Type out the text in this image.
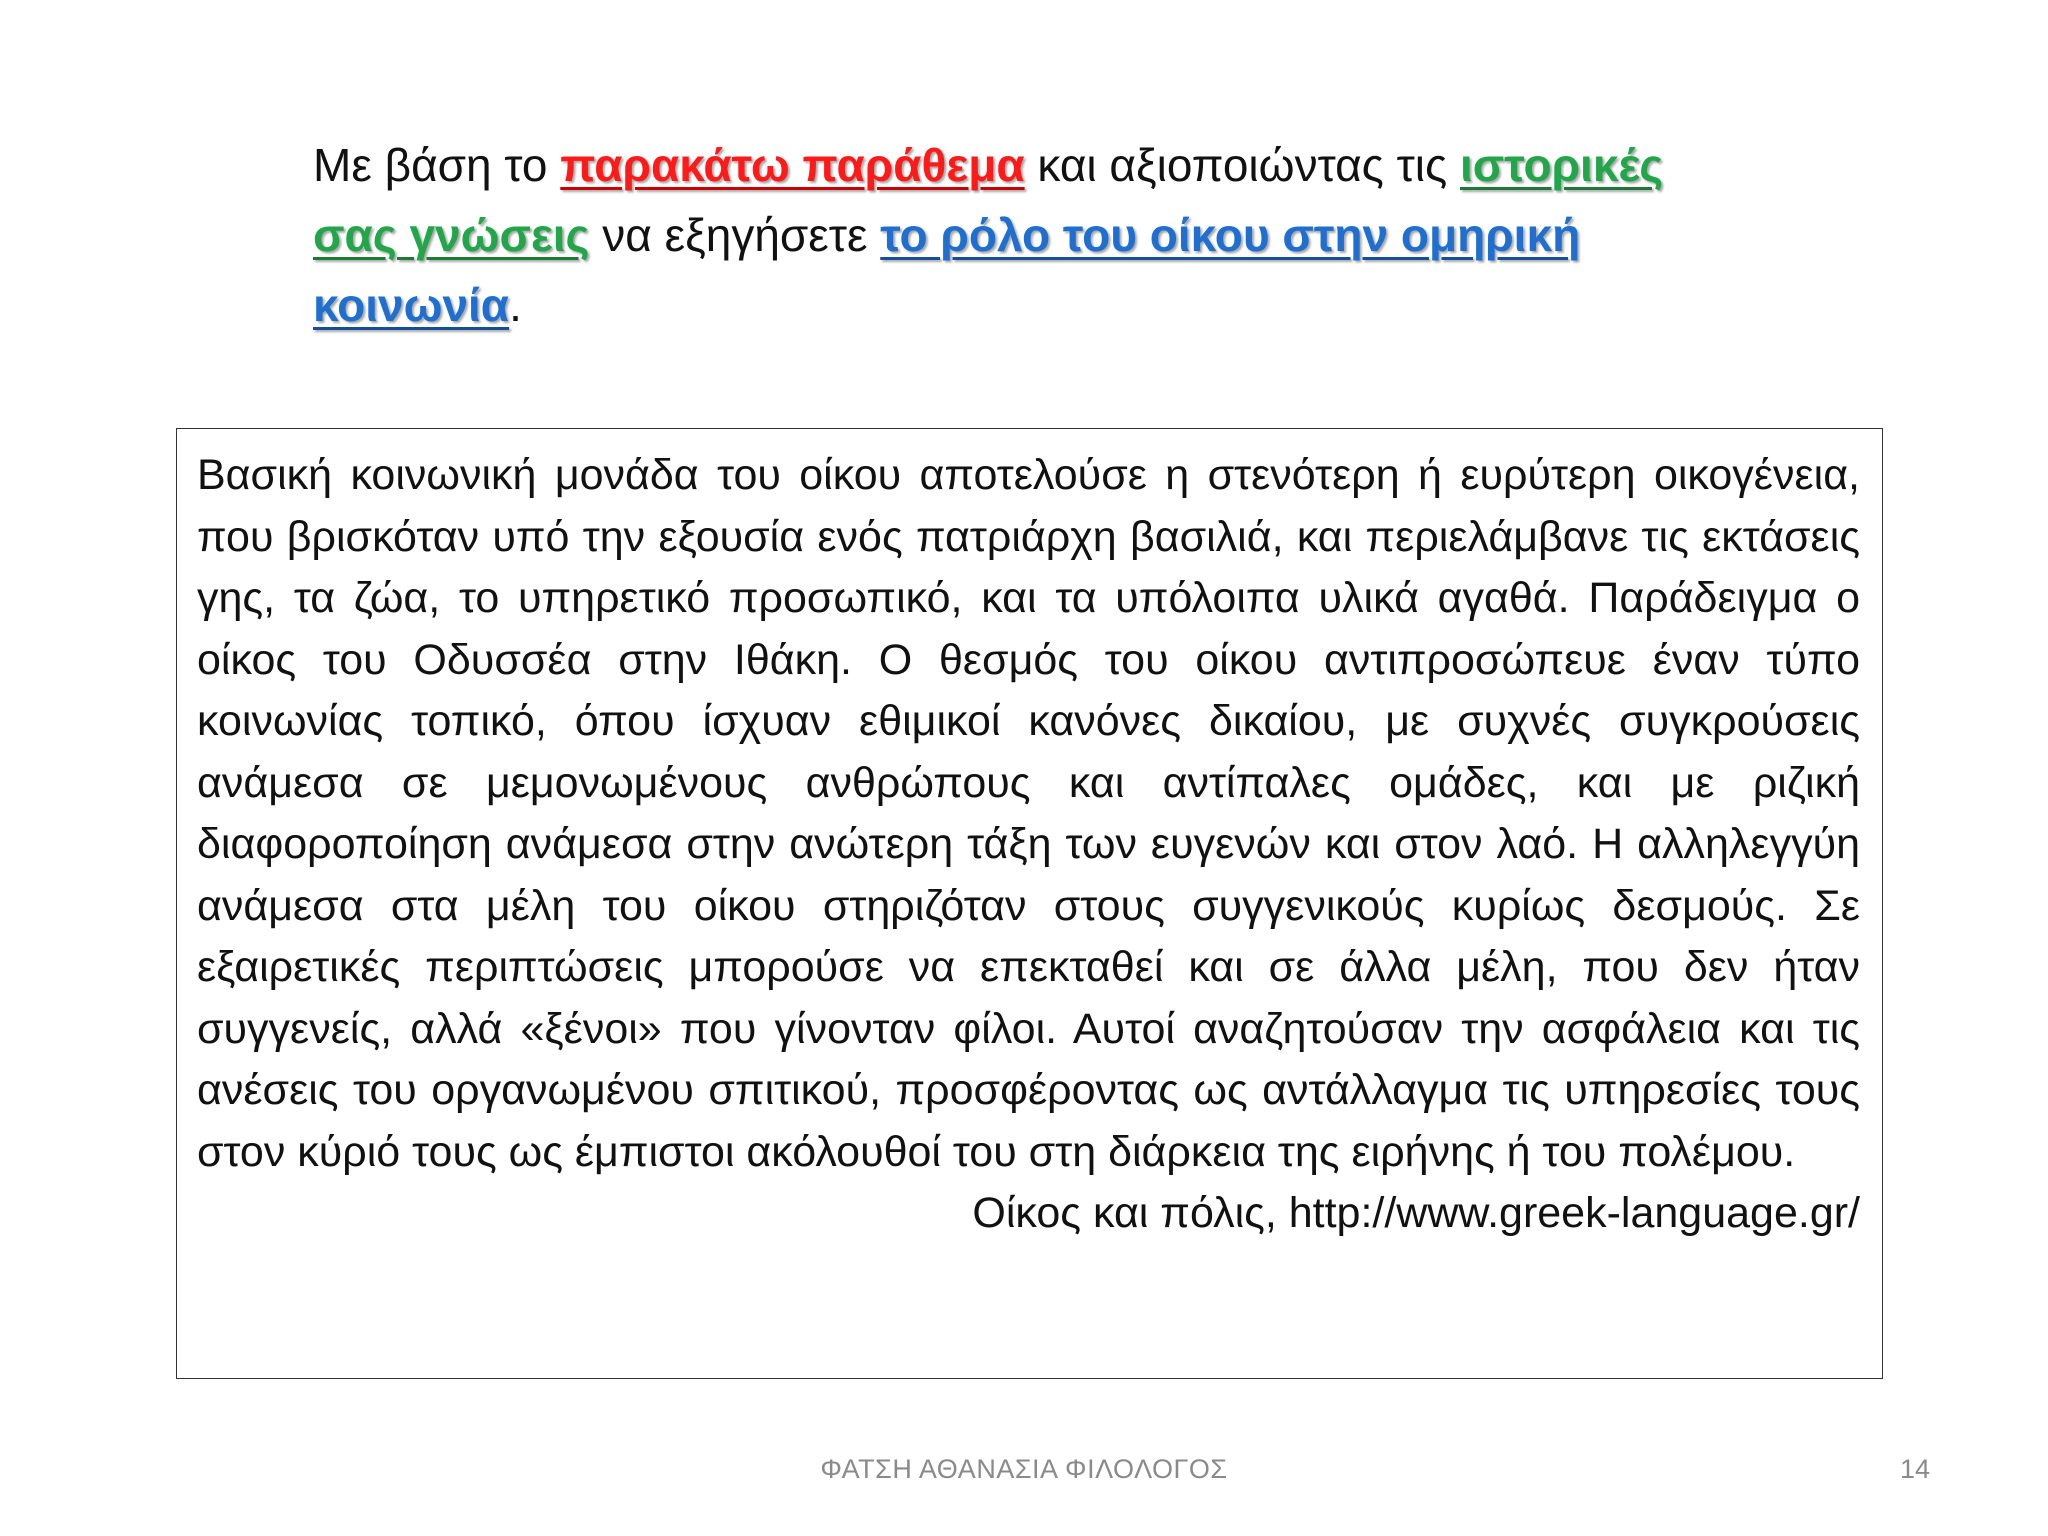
Με βάση το παρακάτω παράθεμα και αξιοποιώντας τις ιστορικές σας γνώσεις να εξηγήσετε το ρόλο του οίκου στην ομηρική κοινωνία.

Βασική κοινωνική μονάδα του οίκου αποτελούσε η στενότερη ή ευρύτερη οικογένεια, που βρισκόταν υπό την εξουσία ενός πατριάρχη βασιλιά, και περιελάμβανε τις εκτάσεις γης, τα ζώα, το υπηρετικό προσωπικό, και τα υπόλοιπα υλικά αγαθά. Παράδειγμα ο οίκος του Οδυσσέα στην Ιθάκη. Ο θεσμός του οίκου αντιπροσώπευε έναν τύπο κοινωνίας τοπικό, όπου ίσχυαν εθιμικοί κανόνες δικαίου, με συχνές συγκρούσεις ανάμεσα σε μεμονωμένους ανθρώπους και αντίπαλες ομάδες, και με ριζική διαφοροποίηση ανάμεσα στην ανώτερη τάξη των ευγενών και στον λαό. Η αλληλεγγύη ανάμεσα στα μέλη του οίκου στηριζόταν στους συγγενικούς κυρίως δεσμούς. Σε εξαιρετικές περιπτώσεις μπορούσε να επεκταθεί και σε άλλα μέλη, που δεν ήταν συγγενείς, αλλά «ξένοι» που γίνονταν φίλοι. Αυτοί αναζητούσαν την ασφάλεια και τις ανέσεις του οργανωμένου σπιτικού, προσφέροντας ως αντάλλαγμα τις υπηρεσίες τους στον κύριό τους ως έμπιστοι ακόλουθοί του στη διάρκεια της ειρήνης ή του πολέμου.

Οίκος και πόλις, http://www.greek-language.gr/

ΦΑΤΣΗ ΑΘΑΝΑΣΙΑ ΦΙΛΟΛΟΓΟΣ	14
